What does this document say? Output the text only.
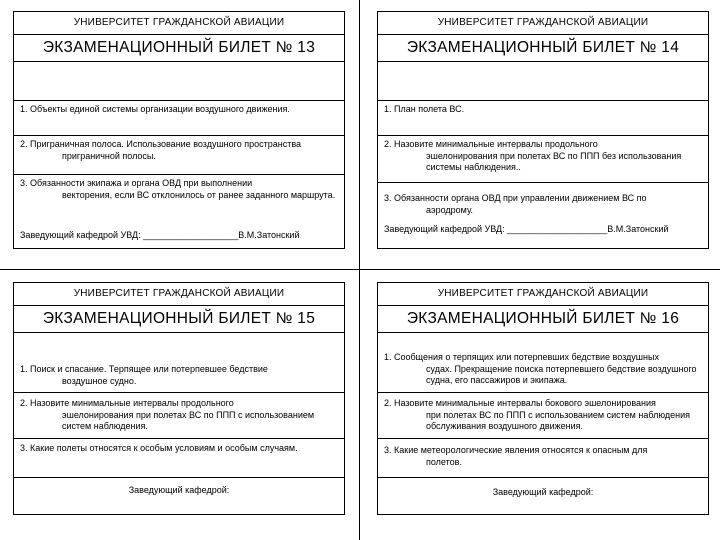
УНИВЕРСИТЕТ ГРАЖДАНСКОЙ АВИАЦИИ
ЭКЗАМЕНАЦИОННЫЙ БИЛЕТ № 13
1. Объекты единой системы организации воздушного движения.
2. Приграничная полоса. Использование воздушного пространства
приграничной полосы.
3. Обязанности экипажа и органа ОВД при выполнении
векторения, если ВС отклонилось от ранее заданного маршрута.
Заведующий кафедрой УВД: ___________________В.М.Затонский
УНИВЕРСИТЕТ ГРАЖДАНСКОЙ АВИАЦИИ
ЭКЗАМЕНАЦИОННЫЙ БИЛЕТ № 14
1. План полета ВС.
2. Назовите минимальные интервалы продольного
эшелонирования при полетах ВС по ППП без использования системы наблюдения..
3. Обязанности органа ОВД при управлении движением ВС по
аэродрому.
Заведующий кафедрой УВД: ____________________В.М.Затонский
УНИВЕРСИТЕТ ГРАЖДАНСКОЙ АВИАЦИИ
ЭКЗАМЕНАЦИОННЫЙ БИЛЕТ № 15
1. Поиск и спасание. Терпящее или потерпевшее бедствие
воздушное судно.
2. Назовите минимальные интервалы продольного
эшелонирования при полетах ВС по ППП с использованием систем наблюдения.
3. Какие полеты относятся к особым условиям и особым случаям.
Заведующий кафедрой:
УНИВЕРСИТЕТ ГРАЖДАНСКОЙ АВИАЦИИ
ЭКЗАМЕНАЦИОННЫЙ БИЛЕТ № 16
1. Сообщения о терпящих или потерпевших бедствие воздушных
судах. Прекращение поиска потерпевшего бедствие воздушного судна, его пассажиров и экипажа.
2. Назовите минимальные интервалы бокового эшелонирования
при полетах ВС по ППП с использованием систем наблюдения обслуживания воздушного движения.
3. Какие метеорологические явления относятся к опасным для
полетов.
Заведующий кафедрой:
